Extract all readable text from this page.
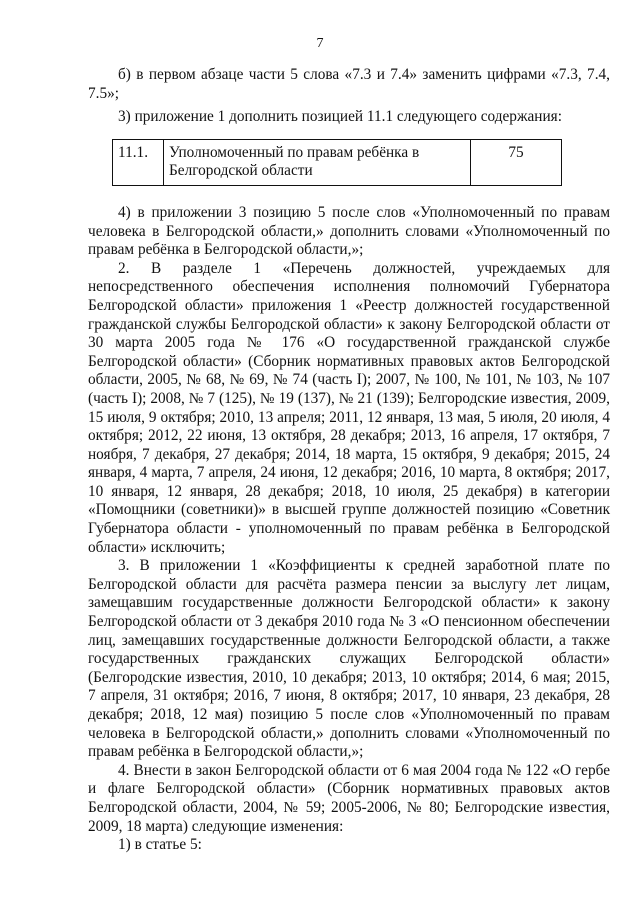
7

б) в первом абзаце части 5 слова «7.3 и 7.4» заменить цифрами «7.3, 7.4, 7.5»;

3) приложение 1 дополнить позицией 11.1 следующего содержания:

11.1.	Уполномоченный по правам ребёнка в Белгородской области	75

4) в приложении 3 позицию 5 после слов «Уполномоченный по правам человека в Белгородской области,» дополнить словами «Уполномоченный по правам ребёнка в Белгородской области,»;

2. В разделе 1 «Перечень должностей, учреждаемых для непосредственного обеспечения исполнения полномочий Губернатора Белгородской области» приложения 1 «Реестр должностей государственной гражданской службы Белгородской области» к закону Белгородской области от 30 марта 2005 года № 176 «О государственной гражданской службе Белгородской области» (Сборник нормативных правовых актов Белгородской области, 2005, № 68, № 69, № 74 (часть I); 2007, № 100, № 101, № 103, № 107 (часть I); 2008, № 7 (125), № 19 (137), № 21 (139); Белгородские известия, 2009, 15 июля, 9 октября; 2010, 13 апреля; 2011, 12 января, 13 мая, 5 июля, 20 июля, 4 октября; 2012, 22 июня, 13 октября, 28 декабря; 2013, 16 апреля, 17 октября, 7 ноября, 7 декабря, 27 декабря; 2014, 18 марта, 15 октября, 9 декабря; 2015, 24 января, 4 марта, 7 апреля, 24 июня, 12 декабря; 2016, 10 марта, 8 октября; 2017, 10 января, 12 января, 28 декабря; 2018, 10 июля, 25 декабря) в категории «Помощники (советники)» в высшей группе должностей позицию «Советник Губернатора области - уполномоченный по правам ребёнка в Белгородской области» исключить;

3. В приложении 1 «Коэффициенты к средней заработной плате по Белгородской области для расчёта размера пенсии за выслугу лет лицам, замещавшим государственные должности Белгородской области» к закону Белгородской области от 3 декабря 2010 года № 3 «О пенсионном обеспечении лиц, замещавших государственные должности Белгородской области, а также государственных гражданских служащих Белгородской области» (Белгородские известия, 2010, 10 декабря; 2013, 10 октября; 2014, 6 мая; 2015, 7 апреля, 31 октября; 2016, 7 июня, 8 октября; 2017, 10 января, 23 декабря, 28 декабря; 2018, 12 мая) позицию 5 после слов «Уполномоченный по правам человека в Белгородской области,» дополнить словами «Уполномоченный по правам ребёнка в Белгородской области,»;

4. Внести в закон Белгородской области от 6 мая 2004 года № 122 «О гербе и флаге Белгородской области» (Сборник нормативных правовых актов Белгородской области, 2004, № 59; 2005-2006, № 80; Белгородские известия, 2009, 18 марта) следующие изменения:

1) в статье 5:
